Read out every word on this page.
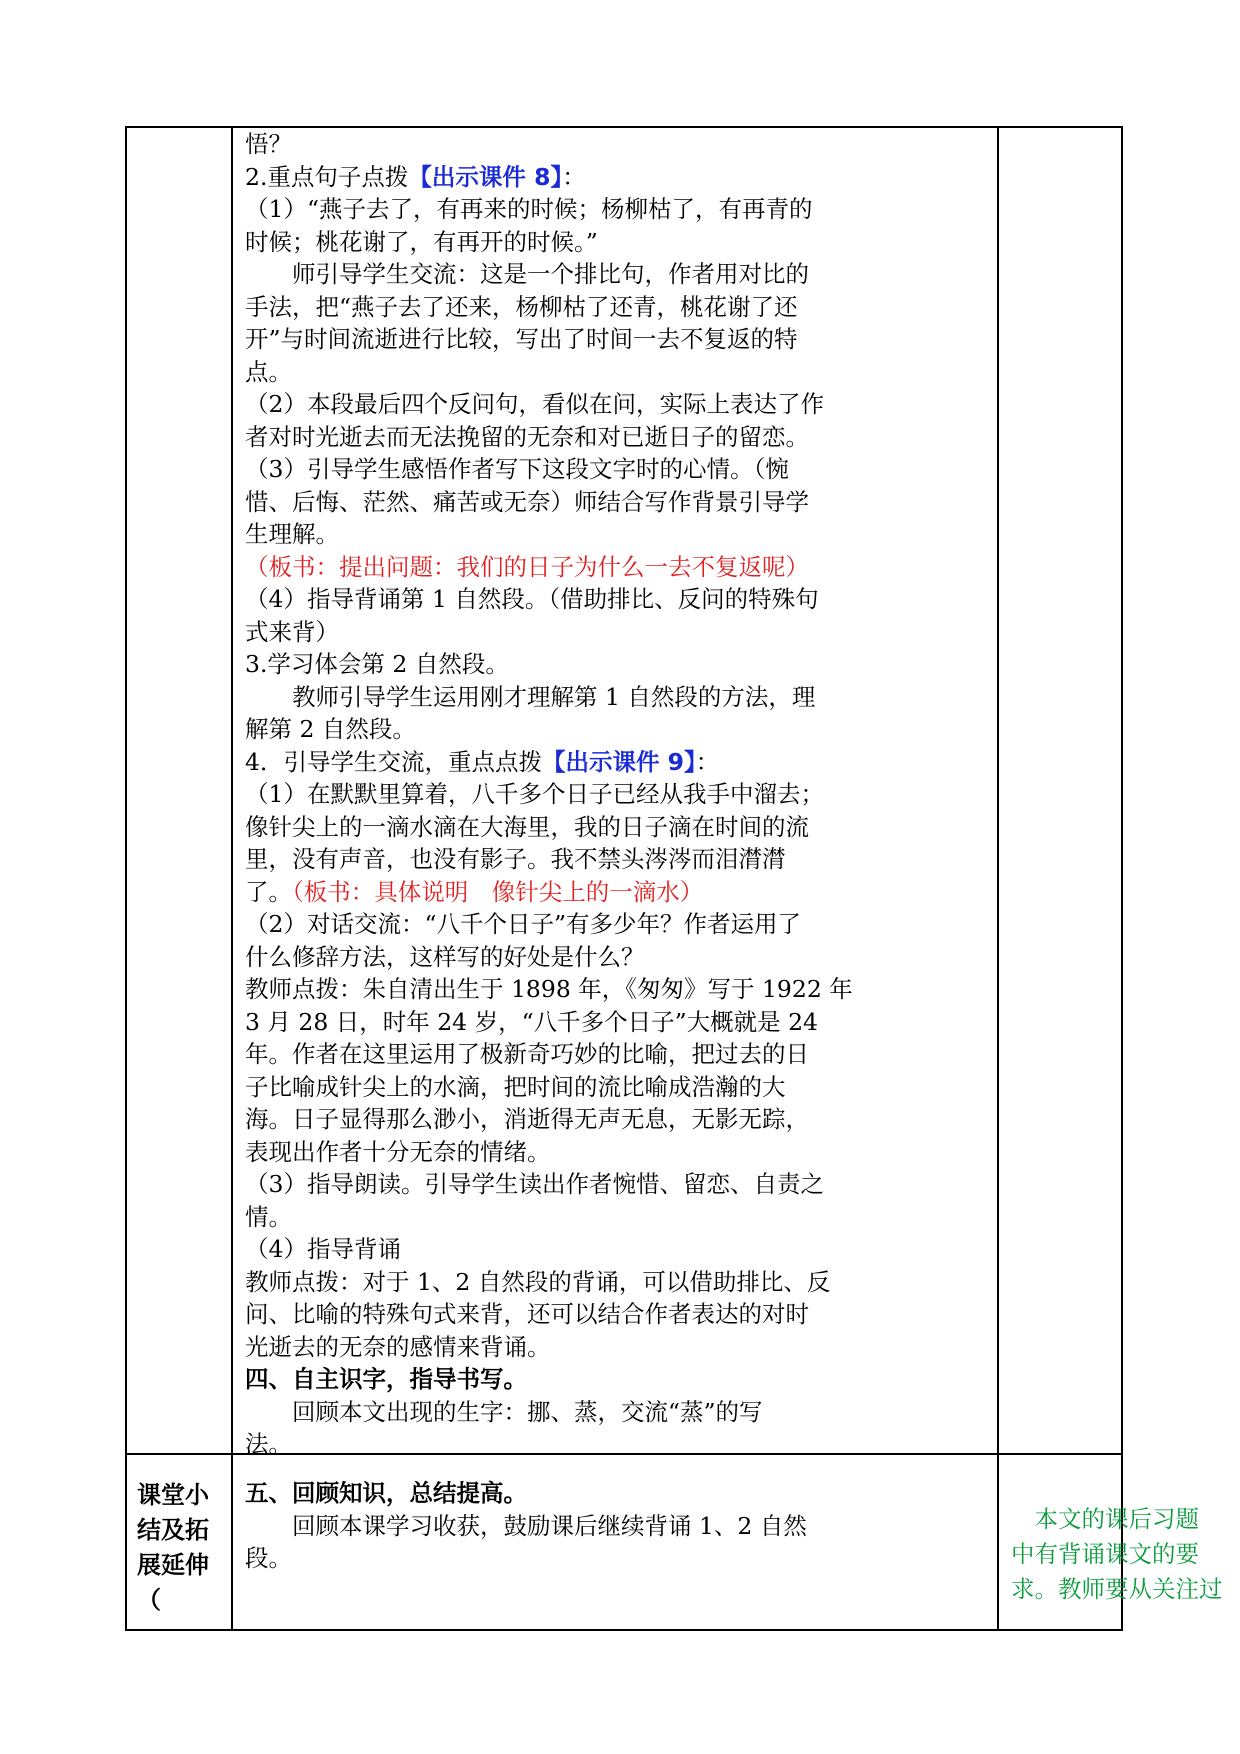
悟？
2.重点句子点拨【出示课件 8】：
（1）“燕子去了，有再来的时候；杨柳枯了，有再青的
时候；桃花谢了，有再开的时候。”
师引导学生交流：这是一个排比句，作者用对比的
手法，把“燕子去了还来，杨柳枯了还青，桃花谢了还
开”与时间流逝进行比较，写出了时间一去不复返的特
点。
（2）本段最后四个反问句，看似在问，实际上表达了作
者对时光逝去而无法挽留的无奈和对已逝日子的留恋。
（3）引导学生感悟作者写下这段文字时的心情。（惋
惜、后悔、茫然、痛苦或无奈）师结合写作背景引导学
生理解。
（板书：提出问题：我们的日子为什么一去不复返呢）
（4）指导背诵第 1 自然段。（借助排比、反问的特殊句
式来背）
3.学习体会第 2 自然段。
教师引导学生运用刚才理解第 1 自然段的方法，理
解第 2 自然段。
4．引导学生交流，重点点拨【出示课件 9】：
（1）在默默里算着，八千多个日子已经从我手中溜去；
像针尖上的一滴水滴在大海里，我的日子滴在时间的流
里，没有声音，也没有影子。我不禁头涔涔而泪潸潸
了。（板书：具体说明　像针尖上的一滴水）
（2）对话交流：“八千个日子”有多少年？作者运用了
什么修辞方法，这样写的好处是什么？
教师点拨：朱自清出生于 1898 年，《匆匆》写于 1922 年
3 月 28 日，时年 24 岁，“八千多个日子”大概就是 24
年。作者在这里运用了极新奇巧妙的比喻，把过去的日
子比喻成针尖上的水滴，把时间的流比喻成浩瀚的大
海。日子显得那么渺小，消逝得无声无息，无影无踪，
表现出作者十分无奈的情绪。
（3）指导朗读。引导学生读出作者惋惜、留恋、自责之
情。
（4）指导背诵
教师点拨：对于 1、2 自然段的背诵，可以借助排比、反
问、比喻的特殊句式来背，还可以结合作者表达的对时
光逝去的无奈的感情来背诵。
四、自主识字，指导书写。
回顾本文出现的生字：挪、蒸，交流“蒸”的写
法。
课堂小
结及拓
展延伸
（
五、回顾知识，总结提高。
回顾本课学习收获，鼓励课后继续背诵 1、2 自然
段。
　本文的课后习题
中有背诵课文的要
求。教师要从关注过
